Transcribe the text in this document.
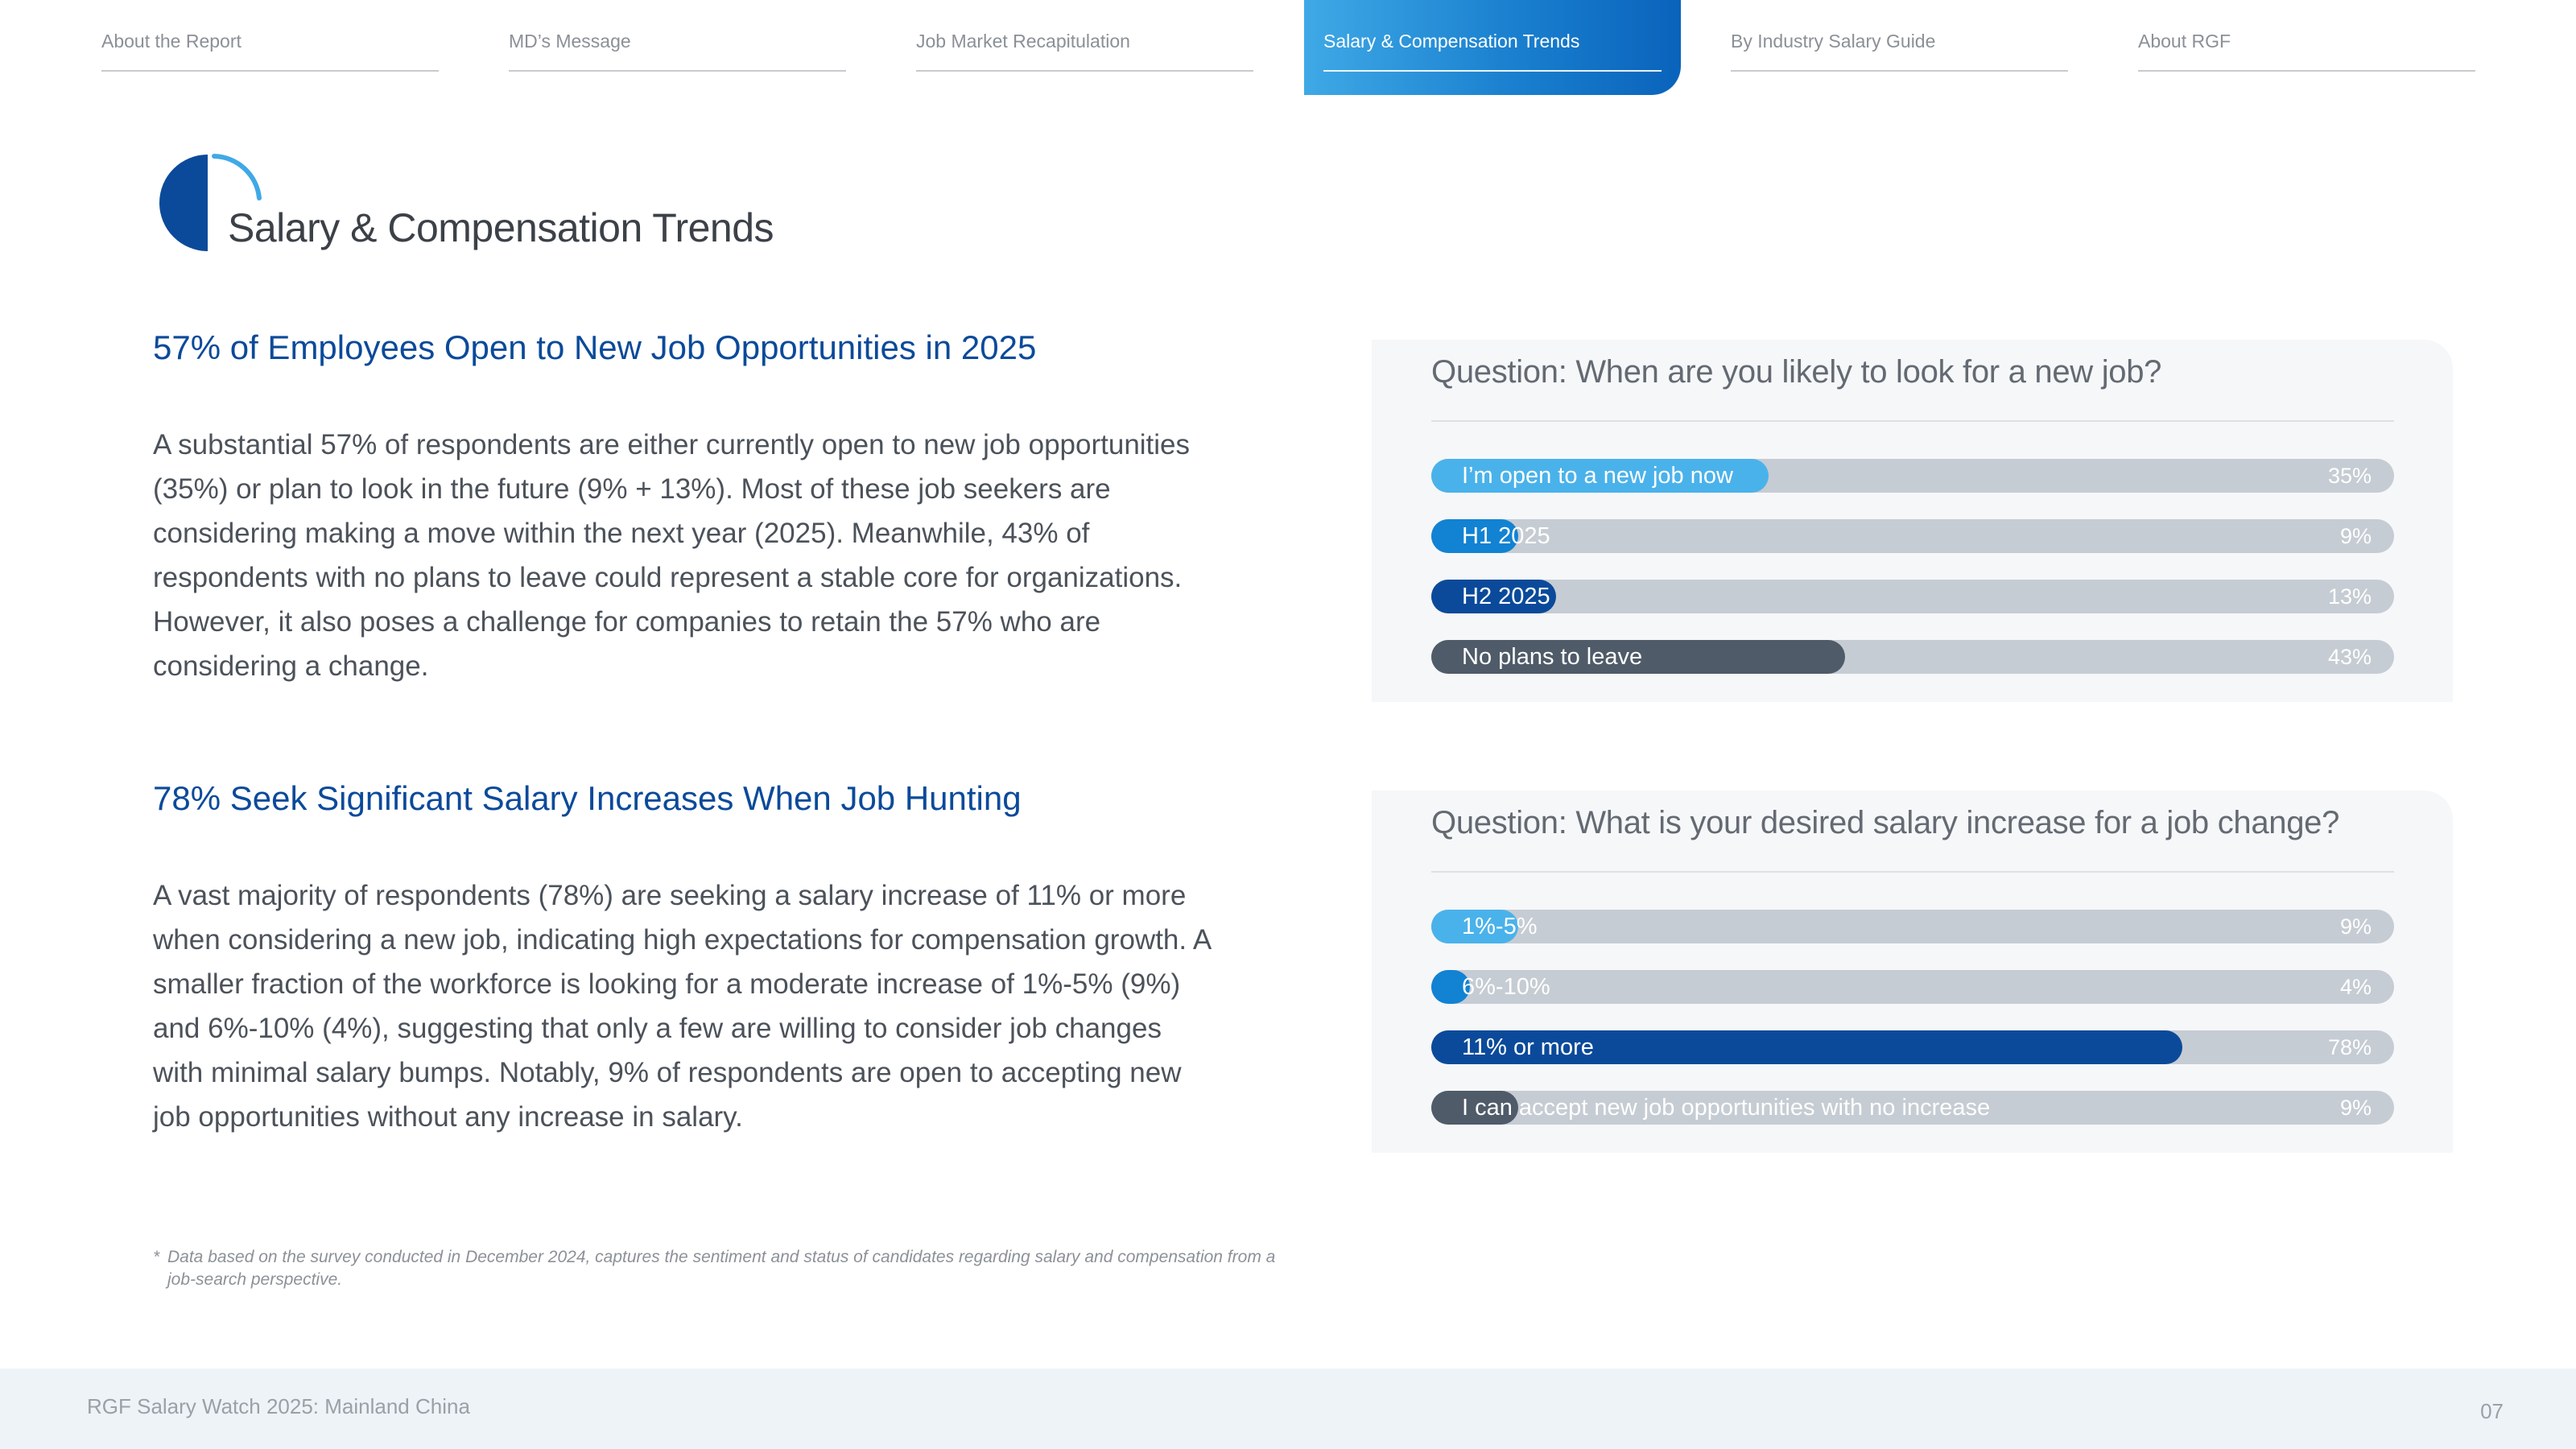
About the Report	MD’s Message	Job Market Recapitulation	Salary & Compensation Trends	By Industry Salary Guide	About RGF
Salary & Compensation Trends
57% of Employees Open to New Job Opportunities in 2025
A substantial 57% of respondents are either currently open to new job opportunities (35%) or plan to look in the future (9% + 13%). Most of these job seekers are considering making a move within the next year (2025). Meanwhile, 43% of respondents with no plans to leave could represent a stable core for organizations. However, it also poses a challenge for companies to retain the 57% who are considering a change.
78% Seek Significant Salary Increases When Job Hunting
A vast majority of respondents (78%) are seeking a salary increase of 11% or more when considering a new job, indicating high expectations for compensation growth. A smaller fraction of the workforce is looking for a moderate increase of 1%-5% (9%) and 6%-10% (4%), suggesting that only a few are willing to consider job changes with minimal salary bumps. Notably, 9% of respondents are open to accepting new job opportunities without any increase in salary.
* Data based on the survey conducted in December 2024, captures the sentiment and status of candidates regarding salary and compensation from a job-search perspective.
Question: When are you likely to look for a new job?
I’m open to a new job now	35%
H1 2025	9%
H2 2025	13%
No plans to leave	43%
Question: What is your desired salary increase for a job change?
1%-5%	9%
6%-10%	4%
11% or more	78%
I can accept new job opportunities with no increase	9%
RGF Salary Watch 2025: Mainland China	07
